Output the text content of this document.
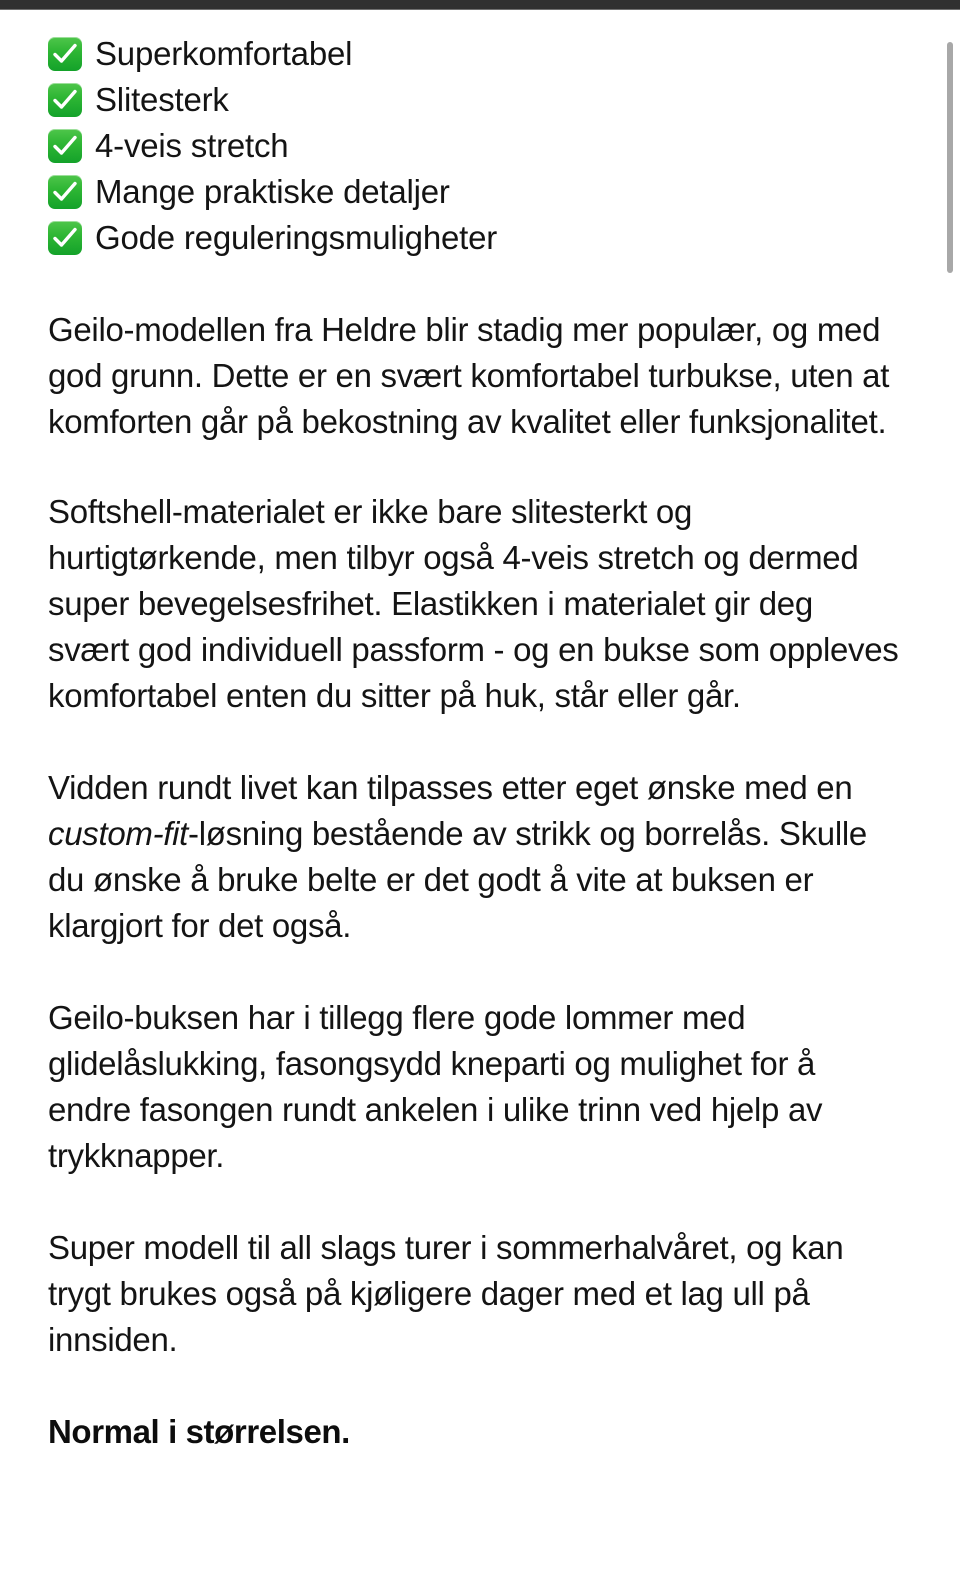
Superkomfortabel
Slitesterk
4-veis stretch
Mange praktiske detaljer
Gode reguleringsmuligheter

Geilo-modellen fra Heldre blir stadig mer populær, og med god grunn. Dette er en svært komfortabel turbukse, uten at komforten går på bekostning av kvalitet eller funksjonalitet.

Softshell-materialet er ikke bare slitesterkt og hurtigtørkende, men tilbyr også 4-veis stretch og dermed super bevegelsesfrihet. Elastikken i materialet gir deg svært god individuell passform - og en bukse som oppleves komfortabel enten du sitter på huk, står eller går.

Vidden rundt livet kan tilpasses etter eget ønske med en custom-fit-løsning bestående av strikk og borrelås. Skulle du ønske å bruke belte er det godt å vite at buksen er klargjort for det også.

Geilo-buksen har i tillegg flere gode lommer med glidelåslukking, fasongsydd kneparti og mulighet for å endre fasongen rundt ankelen i ulike trinn ved hjelp av trykknapper.

Super modell til all slags turer i sommerhalvåret, og kan trygt brukes også på kjøligere dager med et lag ull på innsiden.

Normal i størrelsen.
